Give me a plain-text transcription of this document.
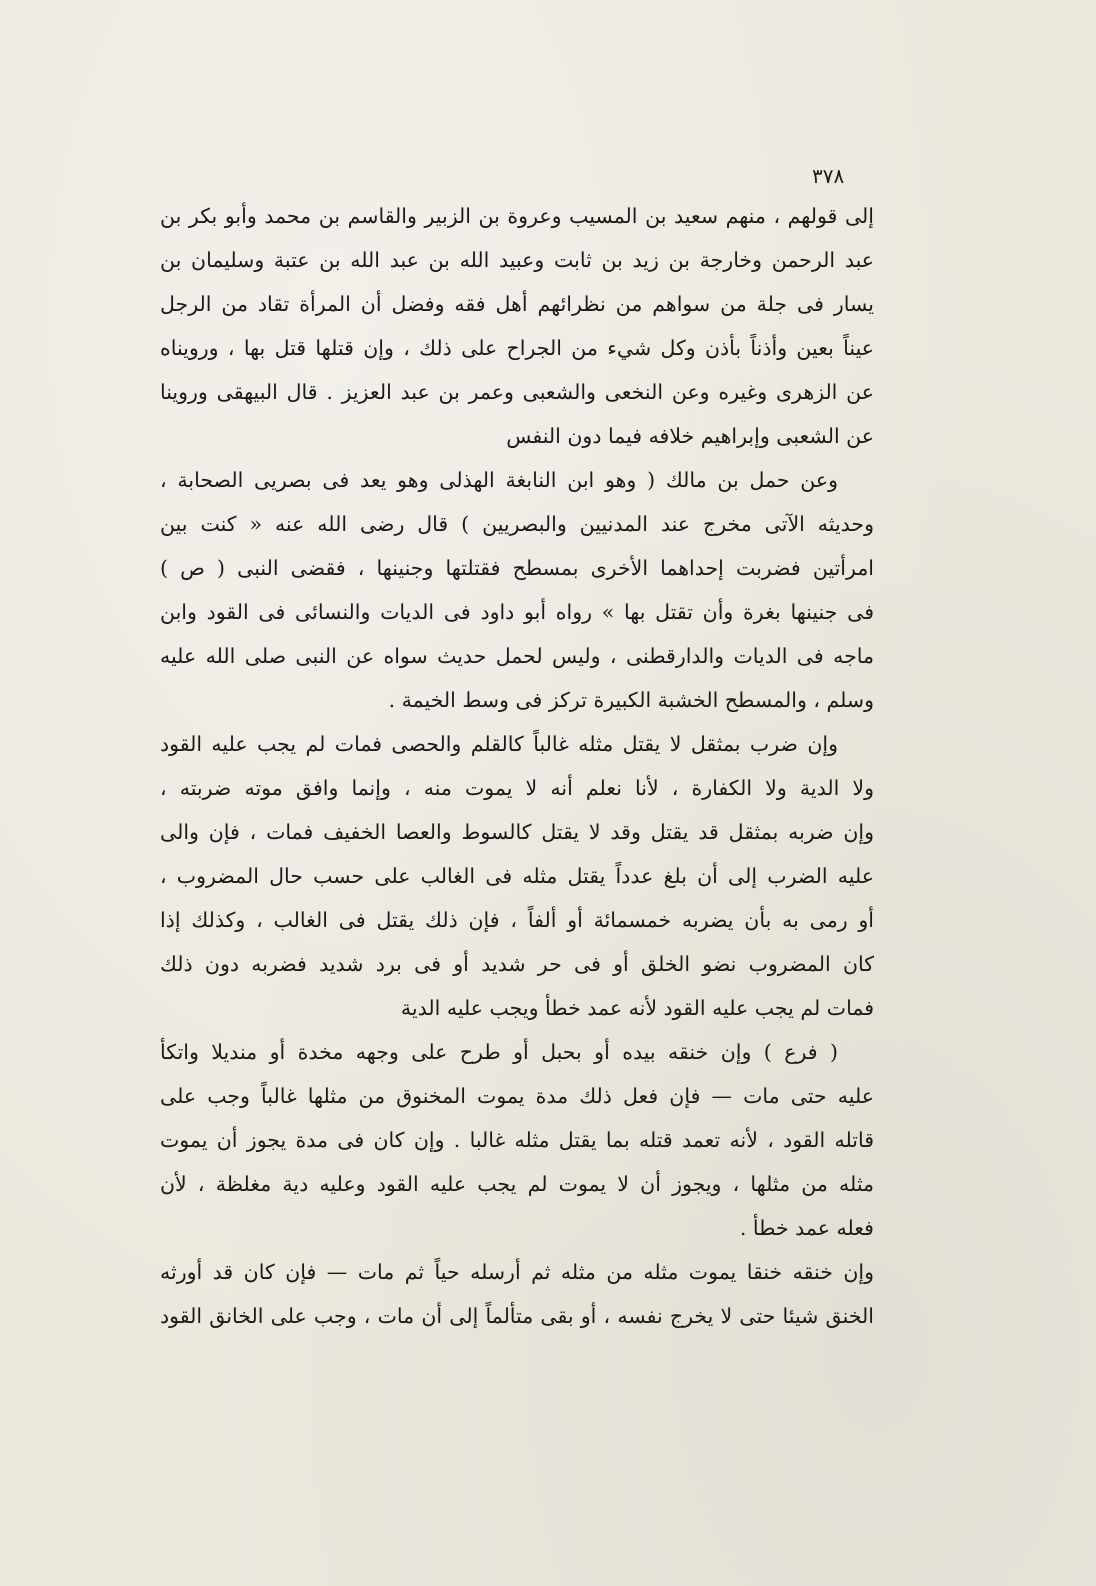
٣٧٨
إلى قولهم ، منهم سعيد بن المسيب وعروة بن الزبير والقاسم بن محمد وأبو بكر بن
عبد الرحمن وخارجة بن زيد بن ثابت وعبيد الله بن عبد الله بن عتبة وسليمان بن
يسار فى جلة من سواهم من نظرائهم أهل فقه وفضل أن المرأة تقاد من الرجل
عيناً بعين وأذناً بأذن وكل شيء من الجراح على ذلك ، وإن قتلها قتل بها ، ورويناه
عن الزهرى وغيره وعن النخعى والشعبى وعمر بن عبد العزيز . قال البيهقى وروينا
عن الشعبى وإبراهيم خلافه فيما دون النفس
وعن حمل بن مالك ( وهو ابن النابغة الهذلى وهو يعد فى بصريى الصحابة ،
وحديثه الآتى مخرج عند المدنيين والبصريين ) قال رضى الله عنه « كنت بين
امرأتين فضربت إحداهما الأخرى بمسطح فقتلتها وجنينها ، فقضى النبى ( ص )
فى جنينها بغرة وأن تقتل بها » رواه أبو داود فى الديات والنسائى فى القود وابن
ماجه فى الديات والدارقطنى ، وليس لحمل حديث سواه عن النبى صلى الله عليه
وسلم ، والمسطح الخشبة الكبيرة تركز فى وسط الخيمة .
وإن ضرب بمثقل لا يقتل مثله غالباً كالقلم والحصى فمات لم يجب عليه القود
ولا الدية ولا الكفارة ، لأنا نعلم أنه لا يموت منه ، وإنما وافق موته ضربته ،
وإن ضربه بمثقل قد يقتل وقد لا يقتل كالسوط والعصا الخفيف فمات ، فإن والى
عليه الضرب إلى أن بلغ عدداً يقتل مثله فى الغالب على حسب حال المضروب ،
أو رمى به بأن يضربه خمسمائة أو ألفاً ، فإن ذلك يقتل فى الغالب ، وكذلك إذا
كان المضروب نضو الخلق أو فى حر شديد أو فى برد شديد فضربه دون ذلك
فمات لم يجب عليه القود لأنه عمد خطأ ويجب عليه الدية
( فرع ) وإن خنقه بيده أو بحبل أو طرح على وجهه مخدة أو منديلا واتكأ
عليه حتى مات — فإن فعل ذلك مدة يموت المخنوق من مثلها غالباً وجب على
قاتله القود ، لأنه تعمد قتله بما يقتل مثله غالبا . وإن كان فى مدة يجوز أن يموت
مثله من مثلها ، ويجوز أن لا يموت لم يجب عليه القود وعليه دية مغلظة ، لأن
فعله عمد خطأ .
وإن خنقه خنقا يموت مثله من مثله ثم أرسله حياً ثم مات — فإن كان قد أورثه
الخنق شيئا حتى لا يخرج نفسه ، أو بقى متألماً إلى أن مات ، وجب على الخانق القود
